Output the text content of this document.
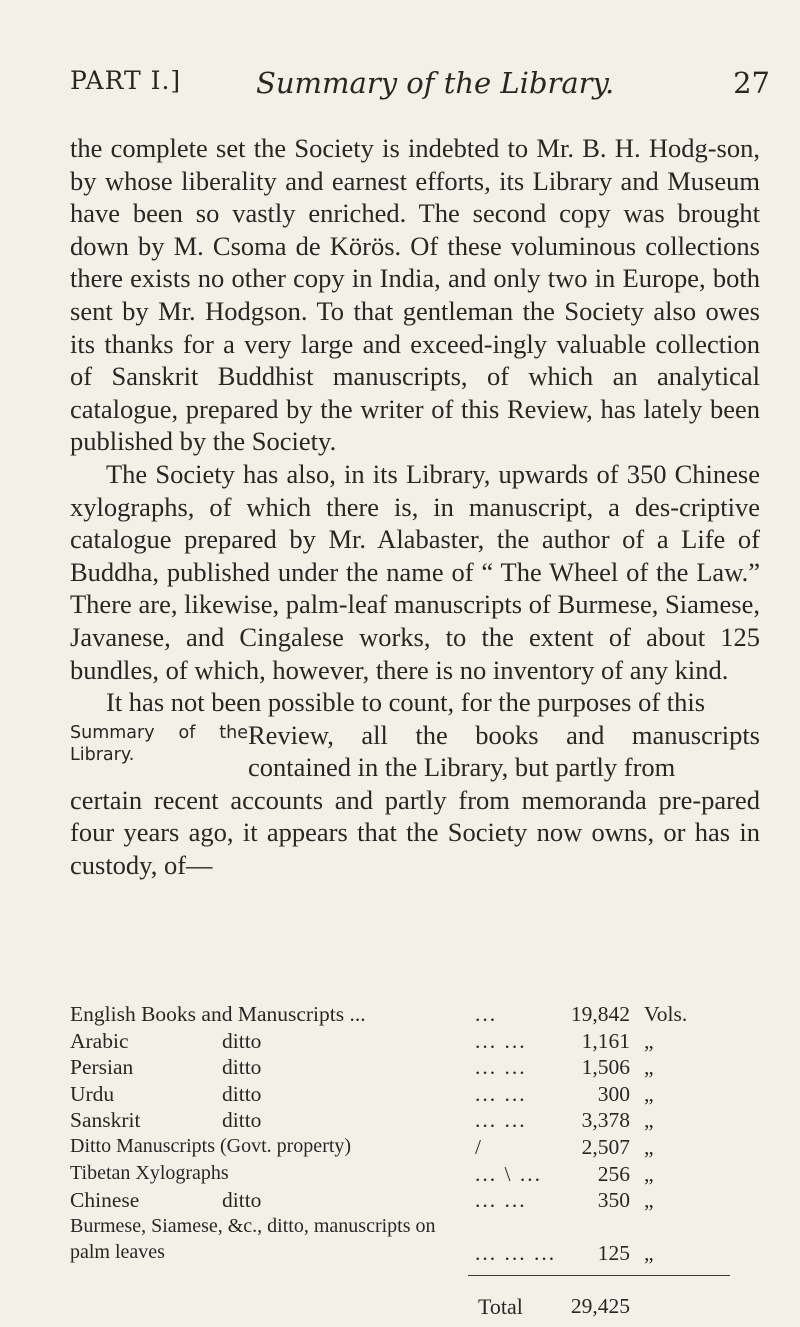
PART I.]	Summary of the Library.	27

the complete set the Society is indebted to Mr. B. H. Hodg-son, by whose liberality and earnest efforts, its Library and Museum have been so vastly enriched. The second copy was brought down by M. Csoma de Körös. Of these voluminous collections there exists no other copy in India, and only two in Europe, both sent by Mr. Hodgson. To that gentleman the Society also owes its thanks for a very large and exceed-ingly valuable collection of Sanskrit Buddhist manuscripts, of which an analytical catalogue, prepared by the writer of this Review, has lately been published by the Society.

The Society has also, in its Library, upwards of 350 Chinese xylographs, of which there is, in manuscript, a des-criptive catalogue prepared by Mr. Alabaster, the author of a Life of Buddha, published under the name of “ The Wheel of the Law.” There are, likewise, palm-leaf manuscripts of Burmese, Siamese, Javanese, and Cingalese works, to the extent of about 125 bundles, of which, however, there is no inventory of any kind.

It has not been possible to count, for the purposes of this

Summary of the Library.
Review, all the books and manuscripts contained in the Library, but partly from

certain recent accounts and partly from memoranda pre-pared four years ago, it appears that the Society now owns, or has in custody, of—

English Books and Manuscripts ...	...	19,842 Vols.
Arabic	ditto	... ...	1,161 „
Persian	ditto	... ...	1,506 „
Urdu	ditto	... ...	300 „
Sanskrit	ditto	... ...	3,378 „
Ditto Manuscripts (Govt. property)	/	2,507 „
Tibetan Xylographs	... \ ...	256 „
Chinese	ditto	... ...	350 „
Burmese, Siamese, &c., ditto, manuscripts on
palm leaves	... ... ... 125 „
Total 29,425
